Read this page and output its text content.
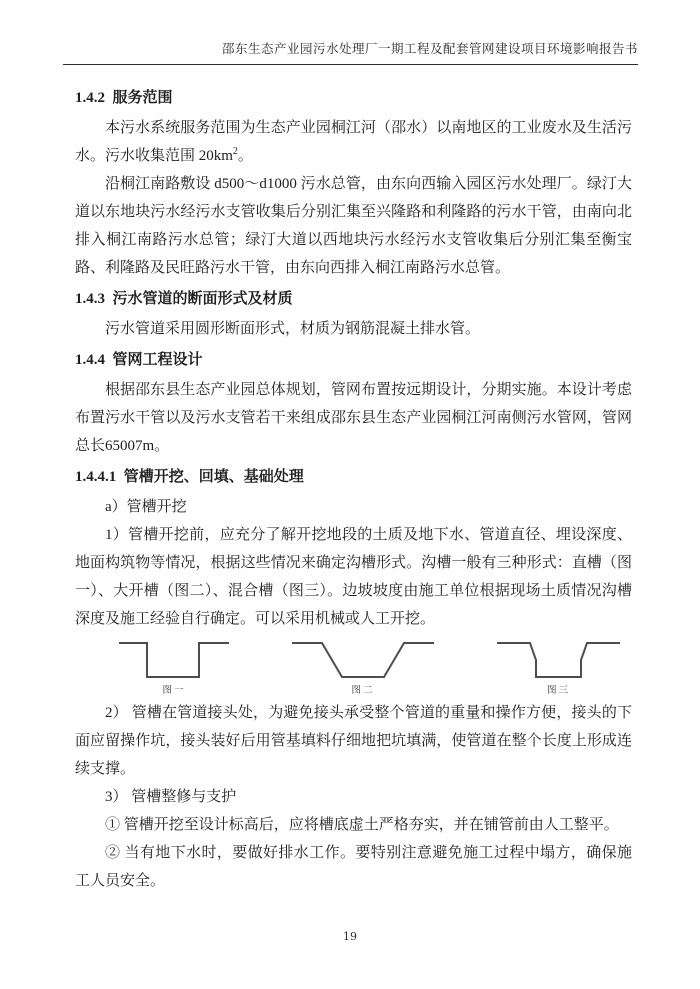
邵东生态产业园污水处理厂一期工程及配套管网建设项目环境影响报告书
1.4.2  服务范围

本污水系统服务范围为生态产业园桐江河（邵水）以南地区的工业废水及生活污水。污水收集范围 $20km^2$。

沿桐江南路敷设 d500～d1000 污水总管，由东向西输入园区污水处理厂。绿汀大道以东地块污水经污水支管收集后分别汇集至兴隆路和利隆路的污水干管，由南向北排入桐江南路污水总管；绿汀大道以西地块污水经污水支管收集后分别汇集至衡宝路、利隆路及民旺路污水干管，由东向西排入桐江南路污水总管。

1.4.3  污水管道的断面形式及材质

污水管道采用圆形断面形式，材质为钢筋混凝土排水管。

1.4.4  管网工程设计

根据邵东县生态产业园总体规划，管网布置按远期设计，分期实施。本设计考虑布置污水干管以及污水支管若干来组成邵东县生态产业园桐江河南侧污水管网，管网总长65007m。

1.4.4.1  管槽开挖、回填、基础处理

a）管槽开挖

1）管槽开挖前，应充分了解开挖地段的土质及地下水、管道直径、埋设深度、地面构筑物等情况，根据这些情况来确定沟槽形式。沟槽一般有三种形式：直槽（图一）、大开槽（图二）、混合槽（图三）。边坡坡度由施工单位根据现场土质情况沟槽深度及施工经验自行确定。可以采用机械或人工开挖。

图一	图二	图三

2） 管槽在管道接头处，为避免接头承受整个管道的重量和操作方便，接头的下面应留操作坑，接头装好后用管基填料仔细地把坑填满，使管道在整个长度上形成连续支撑。

3） 管槽整修与支护

① 管槽开挖至设计标高后，应将槽底虚土严格夯实，并在铺管前由人工整平。

② 当有地下水时，要做好排水工作。要特别注意避免施工过程中塌方，确保施工人员安全。

19
